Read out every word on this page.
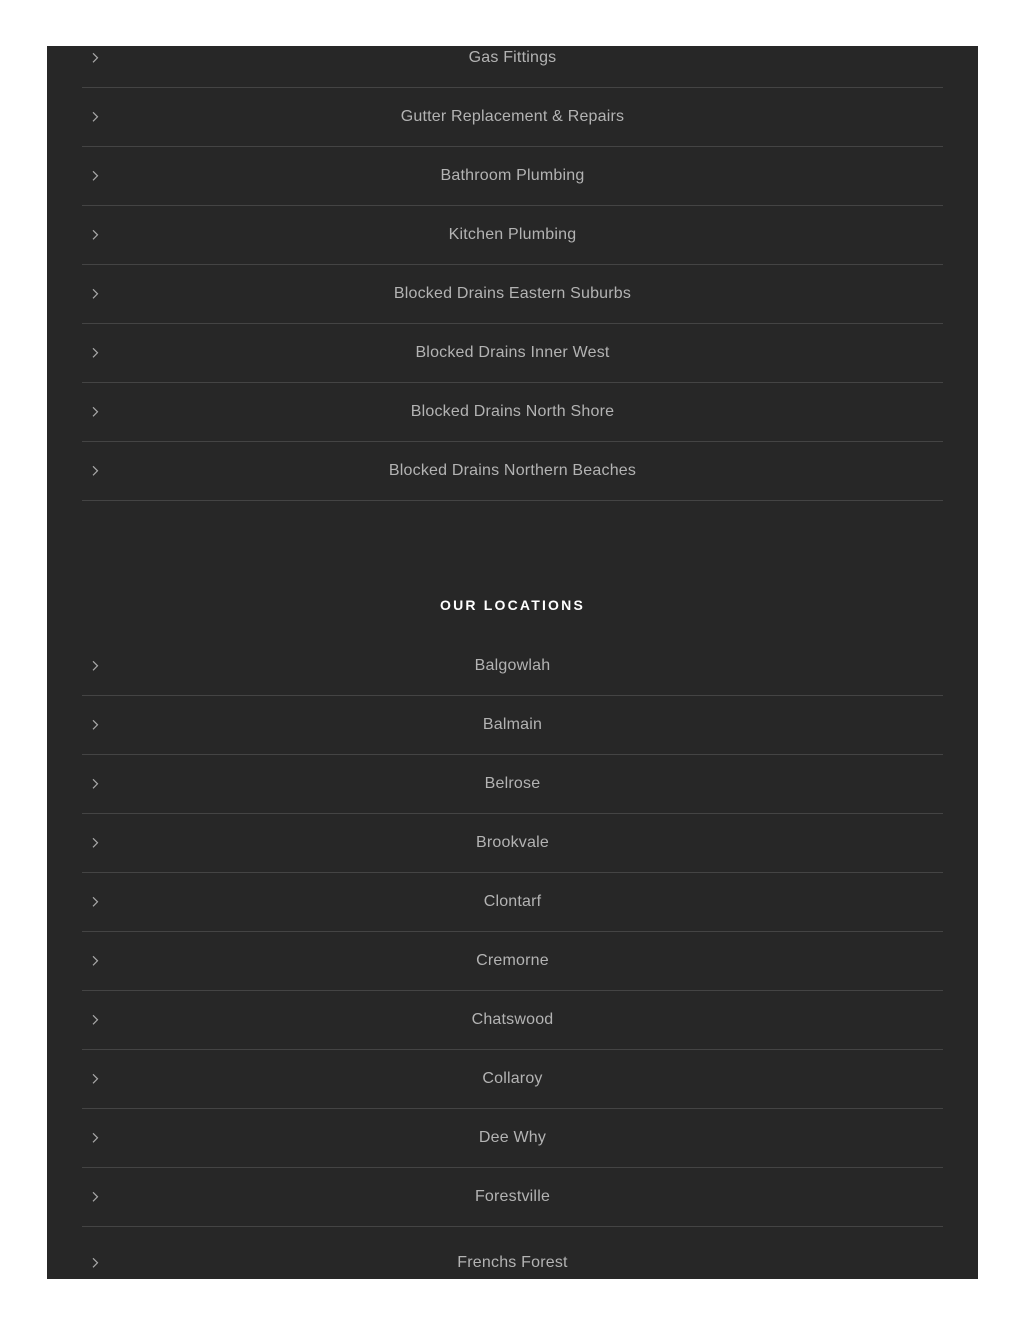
Gas Fittings
Gutter Replacement & Repairs
Bathroom Plumbing
Kitchen Plumbing
Blocked Drains Eastern Suburbs
Blocked Drains Inner West
Blocked Drains North Shore
Blocked Drains Northern Beaches
OUR LOCATIONS
Balgowlah
Balmain
Belrose
Brookvale
Clontarf
Cremorne
Chatswood
Collaroy
Dee Why
Forestville
Frenchs Forest
